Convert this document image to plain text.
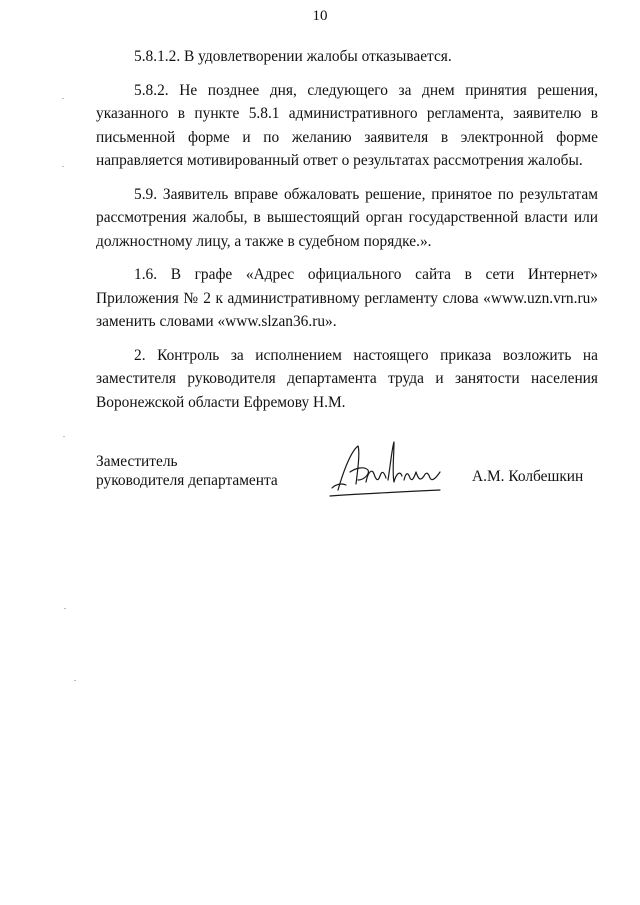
10

5.8.1.2. В удовлетворении жалобы отказывается.

5.8.2. Не позднее дня, следующего за днем принятия решения, указанного в пункте 5.8.1 административного регламента, заявителю в письменной форме и по желанию заявителя в электронной форме направляется мотивированный ответ о результатах рассмотрения жалобы.

5.9. Заявитель вправе обжаловать решение, принятое по результатам рассмотрения жалобы, в вышестоящий орган государственной власти или должностному лицу, а также в судебном порядке.».

1.6. В графе «Адрес официального сайта в сети Интернет» Приложения № 2 к административному регламенту слова «www.uzn.vrn.ru» заменить словами «www.slzan36.ru».

2. Контроль за исполнением настоящего приказа возложить на заместителя руководителя департамента труда и занятости населения Воронежской области Ефремову Н.М.

Заместитель
руководителя департамента	А.М. Колбешкин
